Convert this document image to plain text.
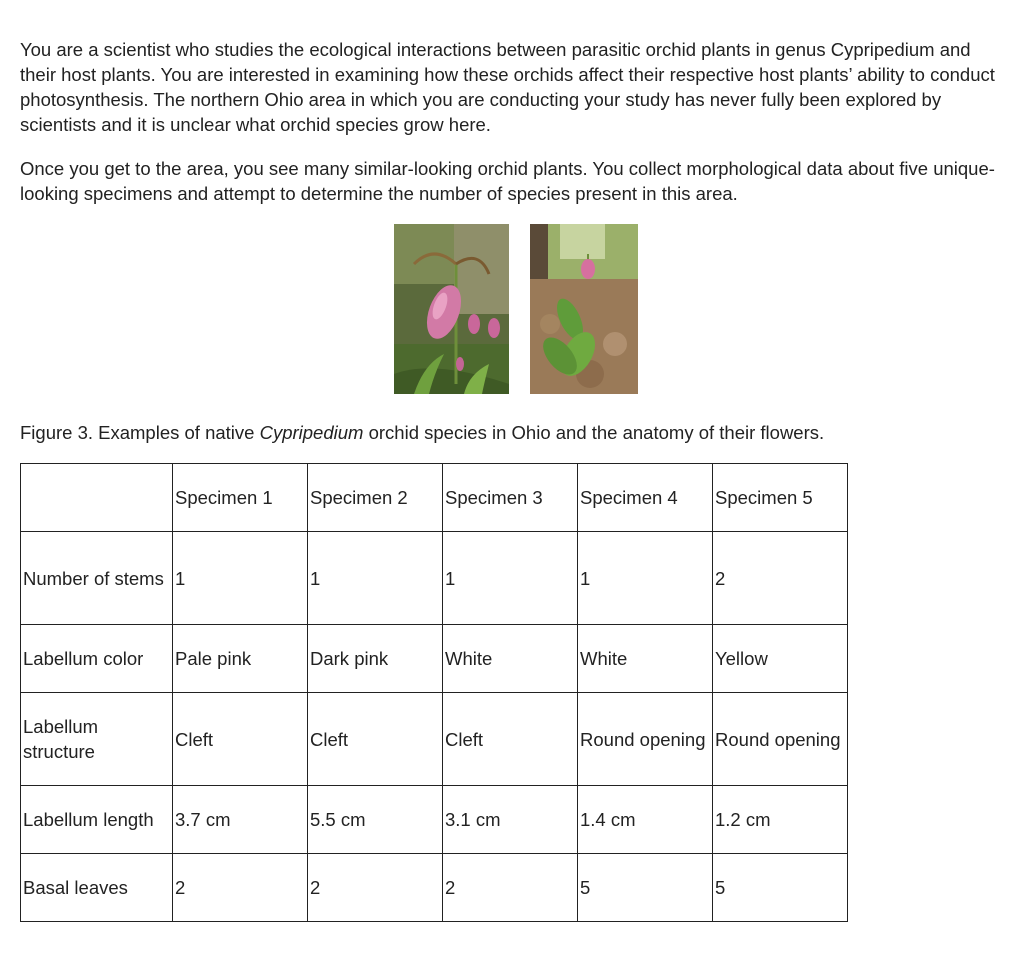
You are a scientist who studies the ecological interactions between parasitic orchid plants in genus Cypripedium and their host plants. You are interested in examining how these orchids affect their respective host plants’ ability to conduct photosynthesis. The northern Ohio area in which you are conducting your study has never fully been explored by scientists and it is unclear what orchid species grow here.

Once you get to the area, you see many similar-looking orchid plants. You collect morphological data about five unique-looking specimens and attempt to determine the number of species present in this area.

Figure 3. Examples of native Cypripedium orchid species in Ohio and the anatomy of their flowers.

	Specimen 1	Specimen 2	Specimen 3	Specimen 4	Specimen 5
Number of stems	1	1	1	1	2
Labellum color	Pale pink	Dark pink	White	White	Yellow
Labellum structure	Cleft	Cleft	Cleft	Round opening	Round opening
Labellum length	3.7 cm	5.5 cm	3.1 cm	1.4 cm	1.2 cm
Basal leaves	2	2	2	5	5
